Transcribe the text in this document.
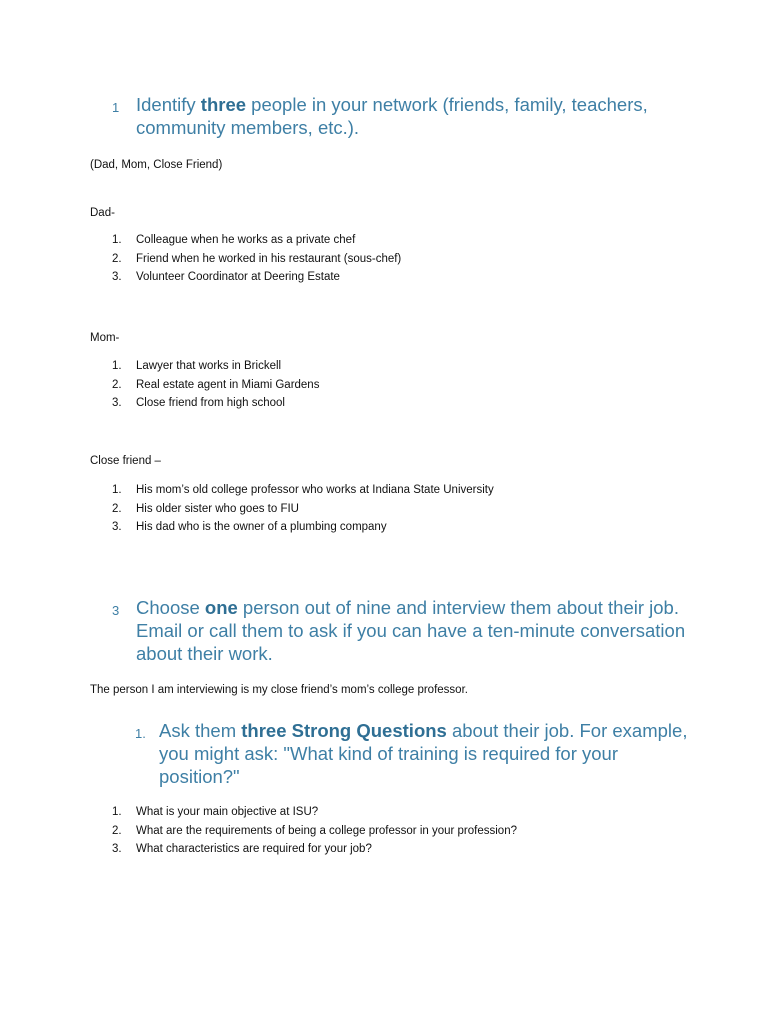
1 Identify three people in your network (friends, family, teachers, community members, etc.).
(Dad, Mom, Close Friend)
Dad-
1. Colleague when he works as a private chef
2. Friend when he worked in his restaurant (sous-chef)
3. Volunteer Coordinator at Deering Estate
Mom-
1. Lawyer that works in Brickell
2. Real estate agent in Miami Gardens
3. Close friend from high school
Close friend –
1. His mom’s old college professor who works at Indiana State University
2. His older sister who goes to FIU
3. His dad who is the owner of a plumbing company
3 Choose one person out of nine and interview them about their job. Email or call them to ask if you can have a ten-minute conversation about their work.
The person I am interviewing is my close friend’s mom’s college professor.
1. Ask them three Strong Questions about their job. For example, you might ask: "What kind of training is required for your position?"
1. What is your main objective at ISU?
2. What are the requirements of being a college professor in your profession?
3. What characteristics are required for your job?
